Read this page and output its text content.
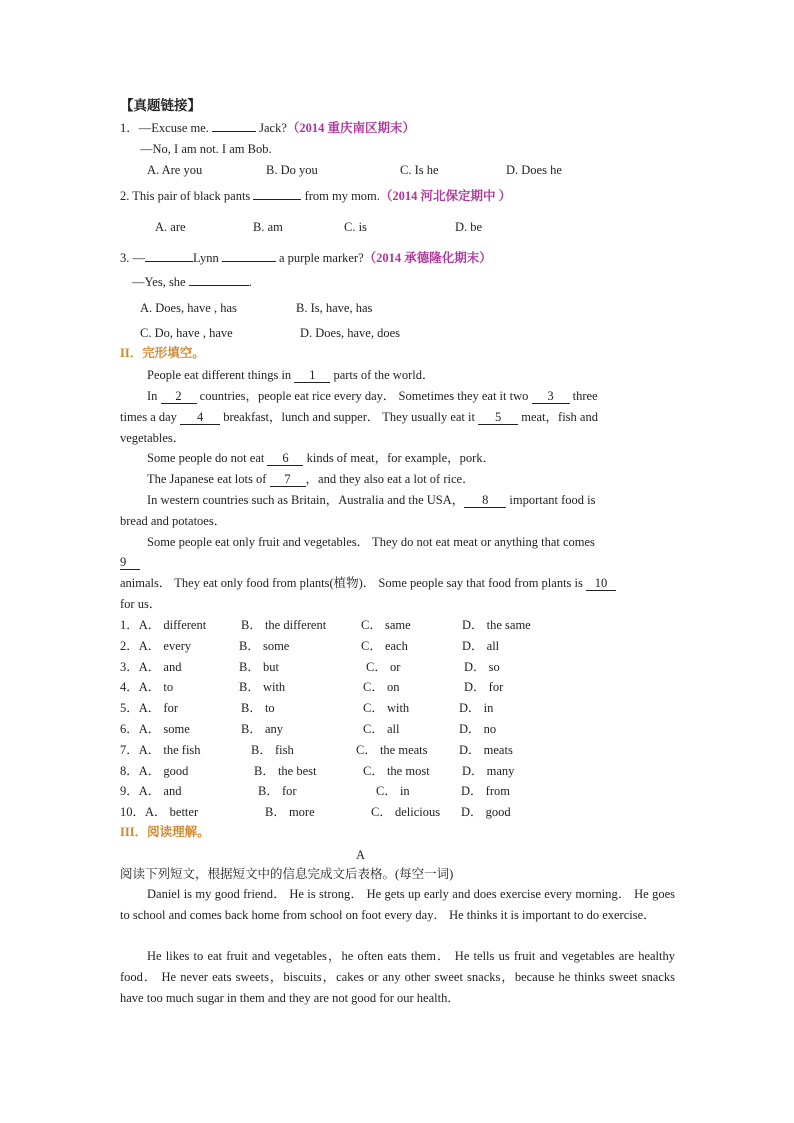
【真题链接】
1．—Excuse me.	Jack?（2014 重庆南区期末）
—No, I am not. I am Bob.
A. Are you	B. Do you	C. Is he	D. Does he
2. This pair of black pants	from my mom.（2014 河北保定期中 ）
A. are	B. am	C. is	D. be
3. —	Lynn	a purple marker?（2014 承德隆化期末）
—Yes, she	.
A. Does, have , has	B. Is, have, has
C. Do, have , have	D. Does, have, does
II．完形填空。
People eat different things in 1 parts of the world．
In 2 countries，people eat rice every day． Sometimes they eat it two 3 three
times a day 4 breakfast，lunch and supper． They usually eat it 5 meat，fish and
vegetables．
Some people do not eat 6 kinds of meat，for example，pork．
The Japanese eat lots of 7 ，and they also eat a lot of rice．
In western countries such as Britain，Australia and the USA， 8 important food is
bread and potatoes．
Some people eat only fruit and vegetables． They do not eat meat or anything that comes
9
animals． They eat only food from plants(植物)． Some people say that food from plants is 10
for us．
1．A． different	B． the different	C． same	D． the same
2．A． every	B． some	C． each	D． all
3．A． and	B． but	C． or	D． so
4．A． to	B． with	C． on	D． for
5．A． for	B． to	C． with	D． in
6．A． some	B． any	C． all	D． no
7．A． the fish	B． fish	C． the meats	D． meats
8．A． good	B． the best	C． the most	D． many
9．A． and	B． for	C． in	D． from
10．A． better	B． more	C． delicious D． good
III．阅读理解。
A
阅读下列短文，根据短文中的信息完成文后表格。(每空一词)
Daniel is my good friend． He is strong． He gets up early and does exercise every morning． He goes to school and comes back home from school on foot every day． He thinks it is important to do exercise．
He likes to eat fruit and vegetables，he often eats them． He tells us fruit and vegetables are healthy food． He never eats sweets，biscuits，cakes or any other sweet snacks，because he thinks sweet snacks have too much sugar in them and they are not good for our health．
